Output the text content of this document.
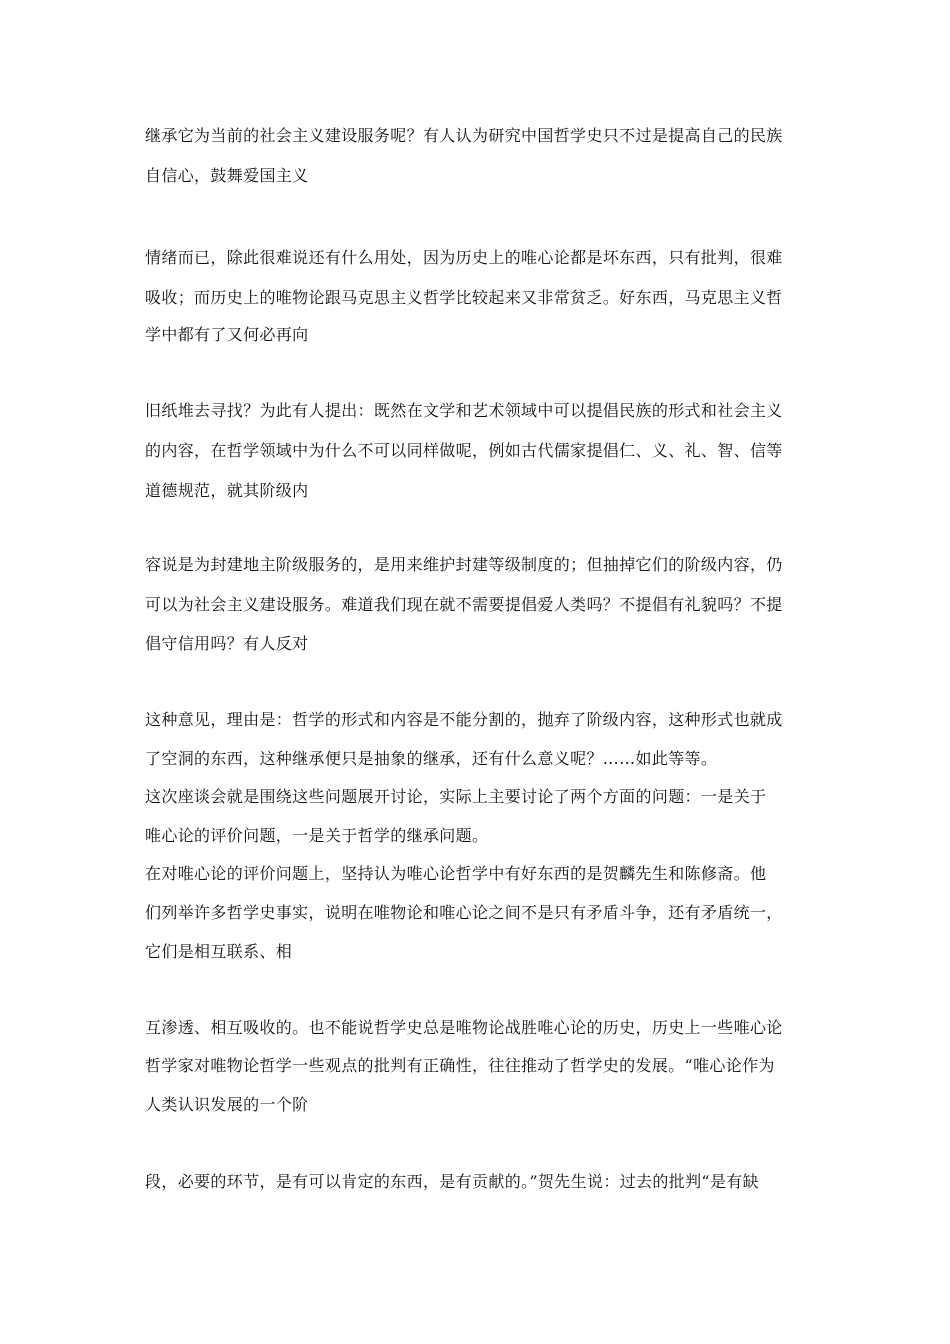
继承它为当前的社会主义建设服务呢？有人认为研究中国哲学史只不过是提高自己的民族
自信心，鼓舞爱国主义
情绪而已，除此很难说还有什么用处，因为历史上的唯心论都是坏东西，只有批判，很难
吸收；而历史上的唯物论跟马克思主义哲学比较起来又非常贫乏。好东西，马克思主义哲
学中都有了又何必再向
旧纸堆去寻找？为此有人提出：既然在文学和艺术领域中可以提倡民族的形式和社会主义
的内容，在哲学领域中为什么不可以同样做呢，例如古代儒家提倡仁、义、礼、智、信等
道德规范，就其阶级内
容说是为封建地主阶级服务的，是用来维护封建等级制度的；但抽掉它们的阶级内容，仍
可以为社会主义建设服务。难道我们现在就不需要提倡爱人类吗？不提倡有礼貌吗？不提
倡守信用吗？有人反对
这种意见，理由是：哲学的形式和内容是不能分割的，抛弃了阶级内容，这种形式也就成
了空洞的东西，这种继承便只是抽象的继承，还有什么意义呢？……如此等等。
这次座谈会就是围绕这些问题展开讨论，实际上主要讨论了两个方面的问题：一是关于
唯心论的评价问题，一是关于哲学的继承问题。
在对唯心论的评价问题上，坚持认为唯心论哲学中有好东西的是贺麟先生和陈修斋。他
们列举许多哲学史事实，说明在唯物论和唯心论之间不是只有矛盾斗争，还有矛盾统一，
它们是相互联系、相
互渗透、相互吸收的。也不能说哲学史总是唯物论战胜唯心论的历史，历史上一些唯心论
哲学家对唯物论哲学一些观点的批判有正确性，往往推动了哲学史的发展。“唯心论作为
人类认识发展的一个阶
段，必要的环节，是有可以肯定的东西，是有贡献的。”贺先生说：过去的批判“是有缺
